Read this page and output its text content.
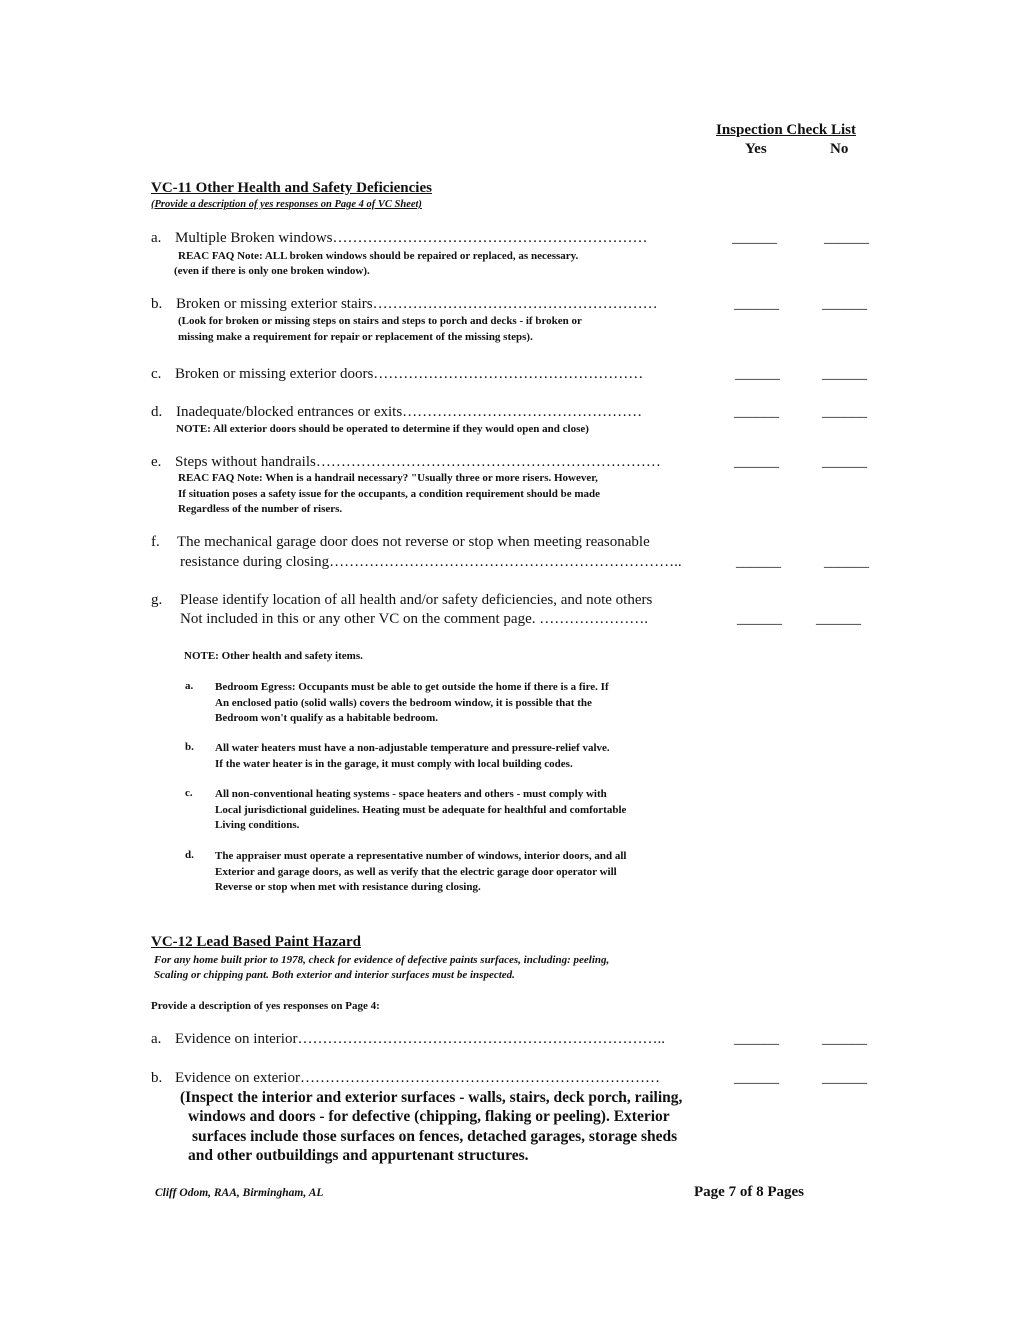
Inspection Check List
Yes	No
VC-11 Other Health and Safety Deficiencies
(Provide a description of yes responses on Page 4 of VC Sheet)
a. Multiple Broken windows………………………………………………………	______	______
REAC FAQ Note: ALL broken windows should be repaired or replaced, as necessary.
(even if there is only one broken window).
b. Broken or missing exterior stairs…………………………………………………	______	______
(Look for broken or missing steps on stairs and steps to porch and decks - if broken or
missing make a requirement for repair or replacement of the missing steps).
c. Broken or missing exterior doors………………………………………………	______	______
d. Inadequate/blocked entrances or exits…………………………………………	______	______
NOTE: All exterior doors should be operated to determine if they would open and close)
e. Steps without handrails……………………………………………………………	______	______
REAC FAQ Note: When is a handrail necessary? "Usually three or more risers. However,
If situation poses a safety issue for the occupants, a condition requirement should be made
Regardless of the number of risers.
f. The mechanical garage door does not reverse or stop when meeting reasonable
resistance during closing……………………………………………………………..	______	______
g. Please identify location of all health and/or safety deficiencies, and note others
Not included in this or any other VC on the comment page. ………………….	______ ______
NOTE: Other health and safety items.
a. Bedroom Egress: Occupants must be able to get outside the home if there is a fire. If
An enclosed patio (solid walls) covers the bedroom window, it is possible that the
Bedroom won't qualify as a habitable bedroom.
b. All water heaters must have a non-adjustable temperature and pressure-relief valve.
If the water heater is in the garage, it must comply with local building codes.
c. All non-conventional heating systems - space heaters and others - must comply with
Local jurisdictional guidelines. Heating must be adequate for healthful and comfortable
Living conditions.
d. The appraiser must operate a representative number of windows, interior doors, and all
Exterior and garage doors, as well as verify that the electric garage door operator will
Reverse or stop when met with resistance during closing.
VC-12 Lead Based Paint Hazard
For any home built prior to 1978, check for evidence of defective paints surfaces, including: peeling,
Scaling or chipping pant. Both exterior and interior surfaces must be inspected.
Provide a description of yes responses on Page 4:
a. Evidence on interior………………………………………………………………..	______	______
b. Evidence on exterior………………………………………………………………	______	______
(Inspect the interior and exterior surfaces - walls, stairs, deck porch, railing,
windows and doors - for defective (chipping, flaking or peeling). Exterior
surfaces include those surfaces on fences, detached garages, storage sheds
and other outbuildings and appurtenant structures.
Cliff Odom, RAA, Birmingham, AL	Page 7 of 8 Pages
